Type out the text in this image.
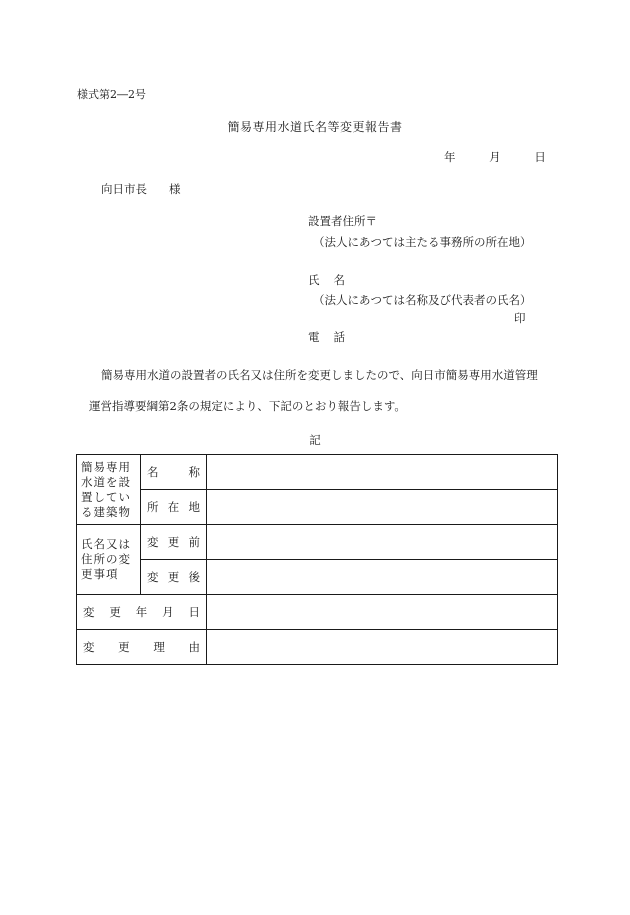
様式第2―2号
簡易専用水道氏名等変更報告書
年	月	日
向日市長 様
設置者住所〒
（法人にあつては主たる事務所の所在地）
氏 名
（法人にあつては名称及び代表者の氏名）
印
電 話
簡易専用水道の設置者の氏名又は住所を変更しましたので、向日市簡易専用水道管理
運営指導要綱第2条の規定により、下記のとおり報告します。
記
簡易専用水道を設置している建築物	名 称	

	所 在 地	

氏名又は住所の変更事項	変 更 前	

	変 更 後	

変 更 年 月 日		

変 更 理 由		
